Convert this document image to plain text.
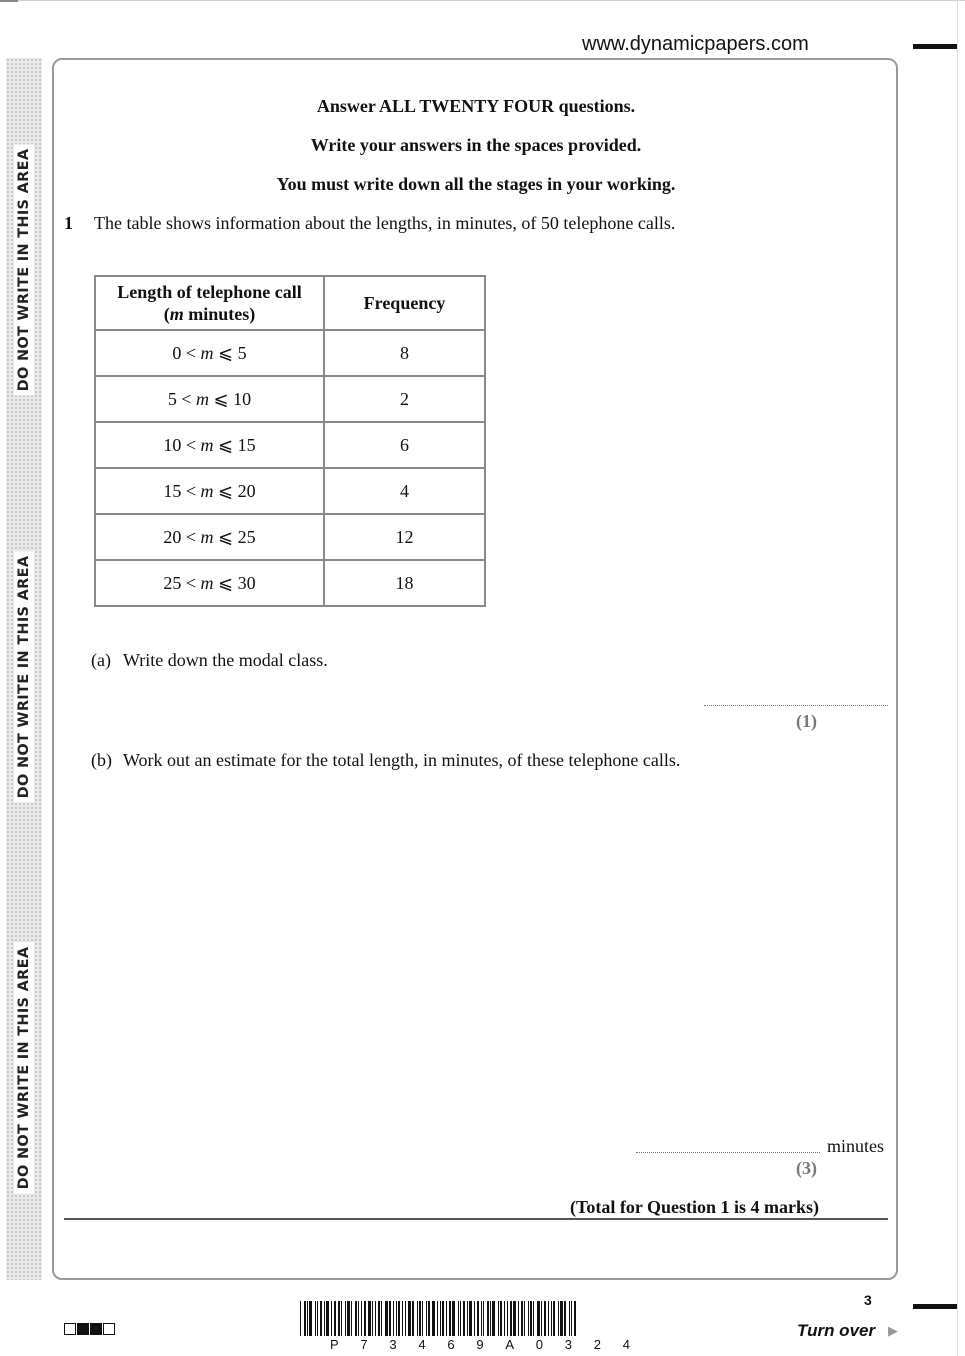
www.dynamicpapers.com
DO NOT WRITE IN THIS AREA
DO NOT WRITE IN THIS AREA
DO NOT WRITE IN THIS AREA
Answer ALL TWENTY FOUR questions.
Write your answers in the spaces provided.
You must write down all the stages in your working.
1 The table shows information about the lengths, in minutes, of 50 telephone calls.
Length of telephone call
(m minutes)	Frequency
0 < m ⩽ 5	8
5 < m ⩽ 10	2
10 < m ⩽ 15	6
15 < m ⩽ 20	4
20 < m ⩽ 25	12
25 < m ⩽ 30	18
(a) Write down the modal class.
(1)
(b) Work out an estimate for the total length, in minutes, of these telephone calls.
minutes
(3)
(Total for Question 1 is 4 marks)
P 7 3 4 6 9 A 0 3 2 4
3
Turn over ▶
